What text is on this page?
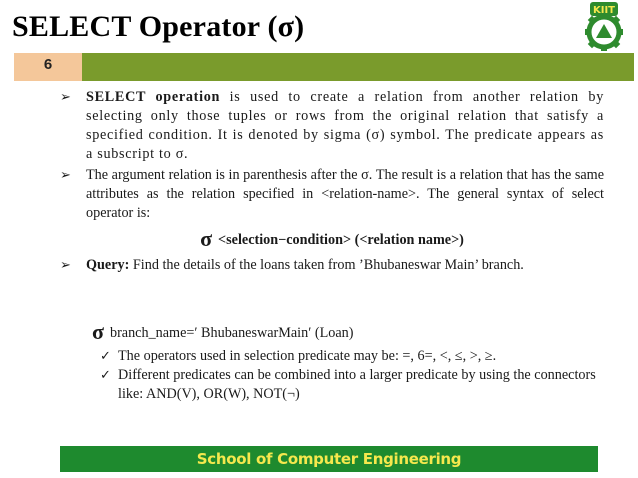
SELECT Operator (σ)	KIIT
6
➢ SELECT operation is used to create a relation from another relation by selecting only those tuples or rows from the original relation that satisfy a specified condition. It is denoted by sigma (σ) symbol. The predicate appears as a subscript to σ.
➢ The argument relation is in parenthesis after the σ. The result is a relation that has the same attributes as the relation specified in <relation-name>. The general syntax of select operator is:
σ <selection−condition> (<relation name>)
➢ Query: Find the details of the loans taken from ’Bhubaneswar Main’ branch.
σbranch_name=′ BhubaneswarMain′ (Loan)
✓ The operators used in selection predicate may be: =, 6=, <, ≤, >, ≥.
✓ Different predicates can be combined into a larger predicate by using the connectors like: AND(V), OR(W), NOT(¬)
School of Computer Engineering
